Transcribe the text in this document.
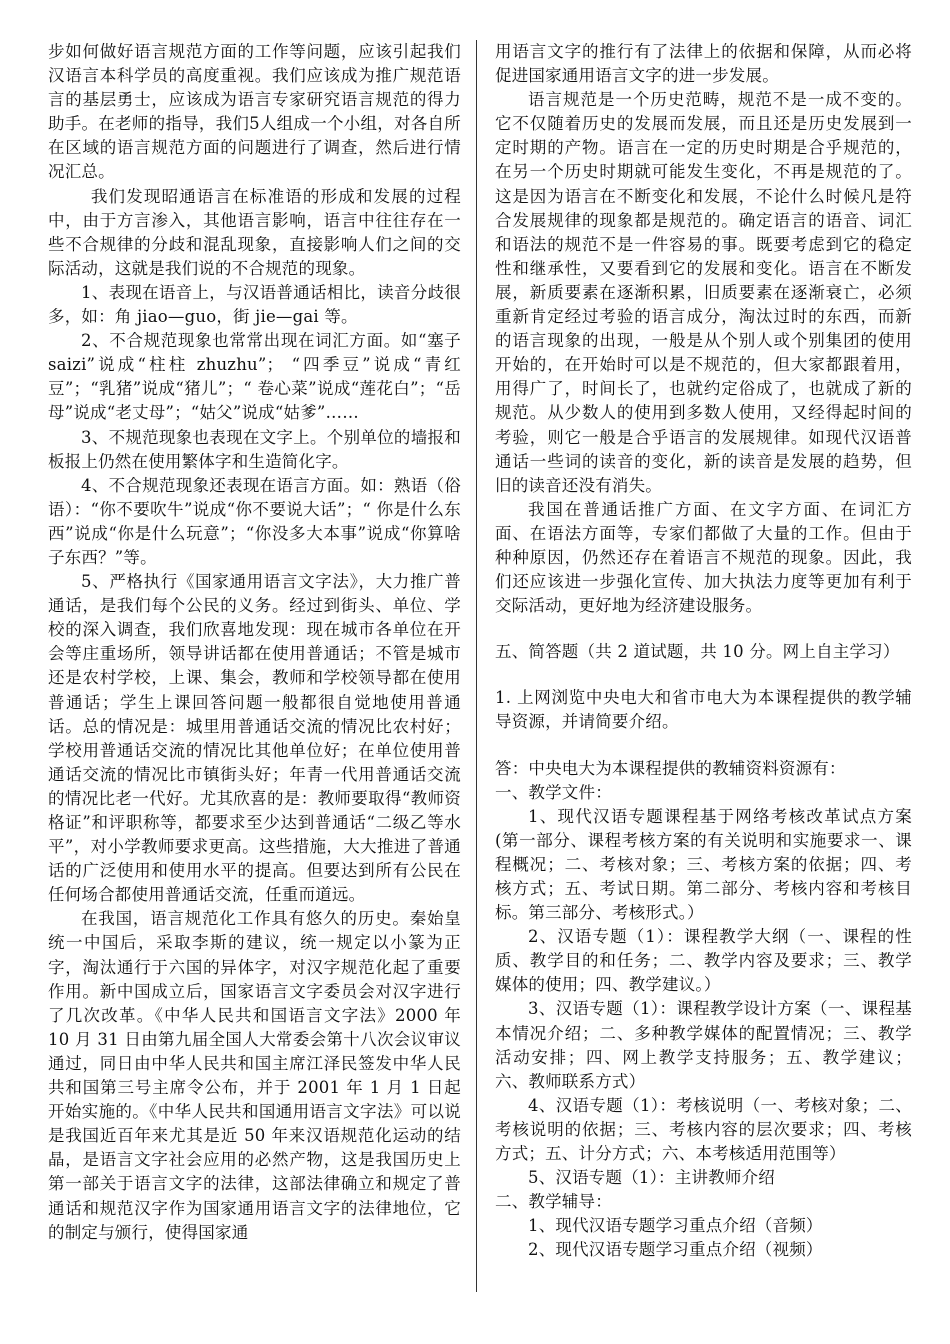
步如何做好语言规范方面的工作等问题，应该引起我们汉语言本科学员的高度重视。我们应该成为推广规范语言的基层勇士，应该成为语言专家研究语言规范的得力助手。在老师的指导，我们5人组成一个小组，对各自所在区域的语言规范方面的问题进行了调查，然后进行情况汇总。

我们发现昭通语言在标准语的形成和发展的过程中，由于方言渗入，其他语言影响，语言中往往存在一些不合规律的分歧和混乱现象，直接影响人们之间的交际活动，这就是我们说的不合规范的现象。

1、表现在语音上，与汉语普通话相比，读音分歧很多，如：角 jiao—guo，街 jie—gai 等。

2、不合规范现象也常常出现在词汇方面。如“塞子saizi”说成“柱柱 zhuzhu”； “四季豆”说成“青红豆”；“乳猪”说成“猪儿”；“ 卷心菜”说成“莲花白”；“岳母”说成“老丈母”；“姑父”说成“姑爹”……

3、不规范现象也表现在文字上。个别单位的墙报和板报上仍然在使用繁体字和生造简化字。

4、不合规范现象还表现在语言方面。如：熟语（俗语）：“你不要吹牛”说成“你不要说大话”；“ 你是什么东西”说成“你是什么玩意”；“你没多大本事”说成“你算啥子东西？”等。

5、严格执行《国家通用语言文字法》，大力推广普通话，是我们每个公民的义务。经过到街头、单位、学校的深入调查，我们欣喜地发现：现在城市各单位在开会等庄重场所，领导讲话都在使用普通话；不管是城市还是农村学校，上课、集会，教师和学校领导都在使用普通话；学生上课回答问题一般都很自觉地使用普通话。总的情况是：城里用普通话交流的情况比农村好；学校用普通话交流的情况比其他单位好；在单位使用普通话交流的情况比市镇街头好；年青一代用普通话交流的情况比老一代好。尤其欣喜的是：教师要取得“教师资格证”和评职称等，都要求至少达到普通话“二级乙等水平”，对小学教师要求更高。这些措施，大大推进了普通话的广泛使用和使用水平的提高。但要达到所有公民在任何场合都使用普通话交流，任重而道远。

在我国，语言规范化工作具有悠久的历史。秦始皇统一中国后，采取李斯的建议，统一规定以小篆为正字，淘汰通行于六国的异体字，对汉字规范化起了重要作用。新中国成立后，国家语言文字委员会对汉字进行了几次改革。《中华人民共和国语言文字法》2000 年 10 月 31 日由第九届全国人大常委会第十八次会议审议通过，同日由中华人民共和国主席江泽民签发中华人民共和国第三号主席令公布，并于 2001 年 1 月 1 日起开始实施的。《中华人民共和国通用语言文字法》可以说是我国近百年来尤其是近 50 年来汉语规范化运动的结晶，是语言文字社会应用的必然产物，这是我国历史上第一部关于语言文字的法律，这部法律确立和规定了普通话和规范汉字作为国家通用语言文字的法律地位，它的制定与颁行，使得国家通

用语言文字的推行有了法律上的依据和保障，从而必将促进国家通用语言文字的进一步发展。

语言规范是一个历史范畴，规范不是一成不变的。它不仅随着历史的发展而发展，而且还是历史发展到一定时期的产物。语言在一定的历史时期是合乎规范的，在另一个历史时期就可能发生变化，不再是规范的了。这是因为语言在不断变化和发展，不论什么时候凡是符合发展规律的现象都是规范的。确定语言的语音、词汇和语法的规范不是一件容易的事。既要考虑到它的稳定性和继承性，又要看到它的发展和变化。语言在不断发展，新质要素在逐渐积累，旧质要素在逐渐衰亡，必须重新肯定经过考验的语言成分，淘汰过时的东西，而新的语言现象的出现，一般是从个别人或个别集团的使用开始的，在开始时可以是不规范的，但大家都跟着用，用得广了，时间长了，也就约定俗成了，也就成了新的规范。从少数人的使用到多数人使用，又经得起时间的考验，则它一般是合乎语言的发展规律。如现代汉语普通话一些词的读音的变化，新的读音是发展的趋势，但旧的读音还没有消失。

我国在普通话推广方面、在文字方面、在词汇方面、在语法方面等，专家们都做了大量的工作。但由于种种原因，仍然还存在着语言不规范的现象。因此，我们还应该进一步强化宣传、加大执法力度等更加有利于交际活动，更好地为经济建设服务。

五、简答题（共 2 道试题，共 10 分。网上自主学习）

1. 上网浏览中央电大和省市电大为本课程提供的教学辅导资源，并请简要介绍。

答：中央电大为本课程提供的教辅资料资源有：

一、教学文件：

1、现代汉语专题课程基于网络考核改革试点方案(第一部分、课程考核方案的有关说明和实施要求一、课程概况；二、考核对象；三、考核方案的依据；四、考核方式；五、考试日期。第二部分、考核内容和考核目标。第三部分、考核形式。）

2、汉语专题（1）：课程教学大纲（一、课程的性质、教学目的和任务；二、教学内容及要求；三、教学媒体的使用；四、教学建议。）

3、汉语专题（1）：课程教学设计方案（一、课程基本情况介绍；二、多种教学媒体的配置情况；三、教学活动安排；四、网上教学支持服务；五、教学建议；六、教师联系方式）

4、汉语专题（1）：考核说明（一、考核对象；二、考核说明的依据；三、考核内容的层次要求；四、考核方式；五、计分方式；六、本考核适用范围等）

5、汉语专题（1）：主讲教师介绍

二、教学辅导：

1、现代汉语专题学习重点介绍（音频）

2、现代汉语专题学习重点介绍（视频）
